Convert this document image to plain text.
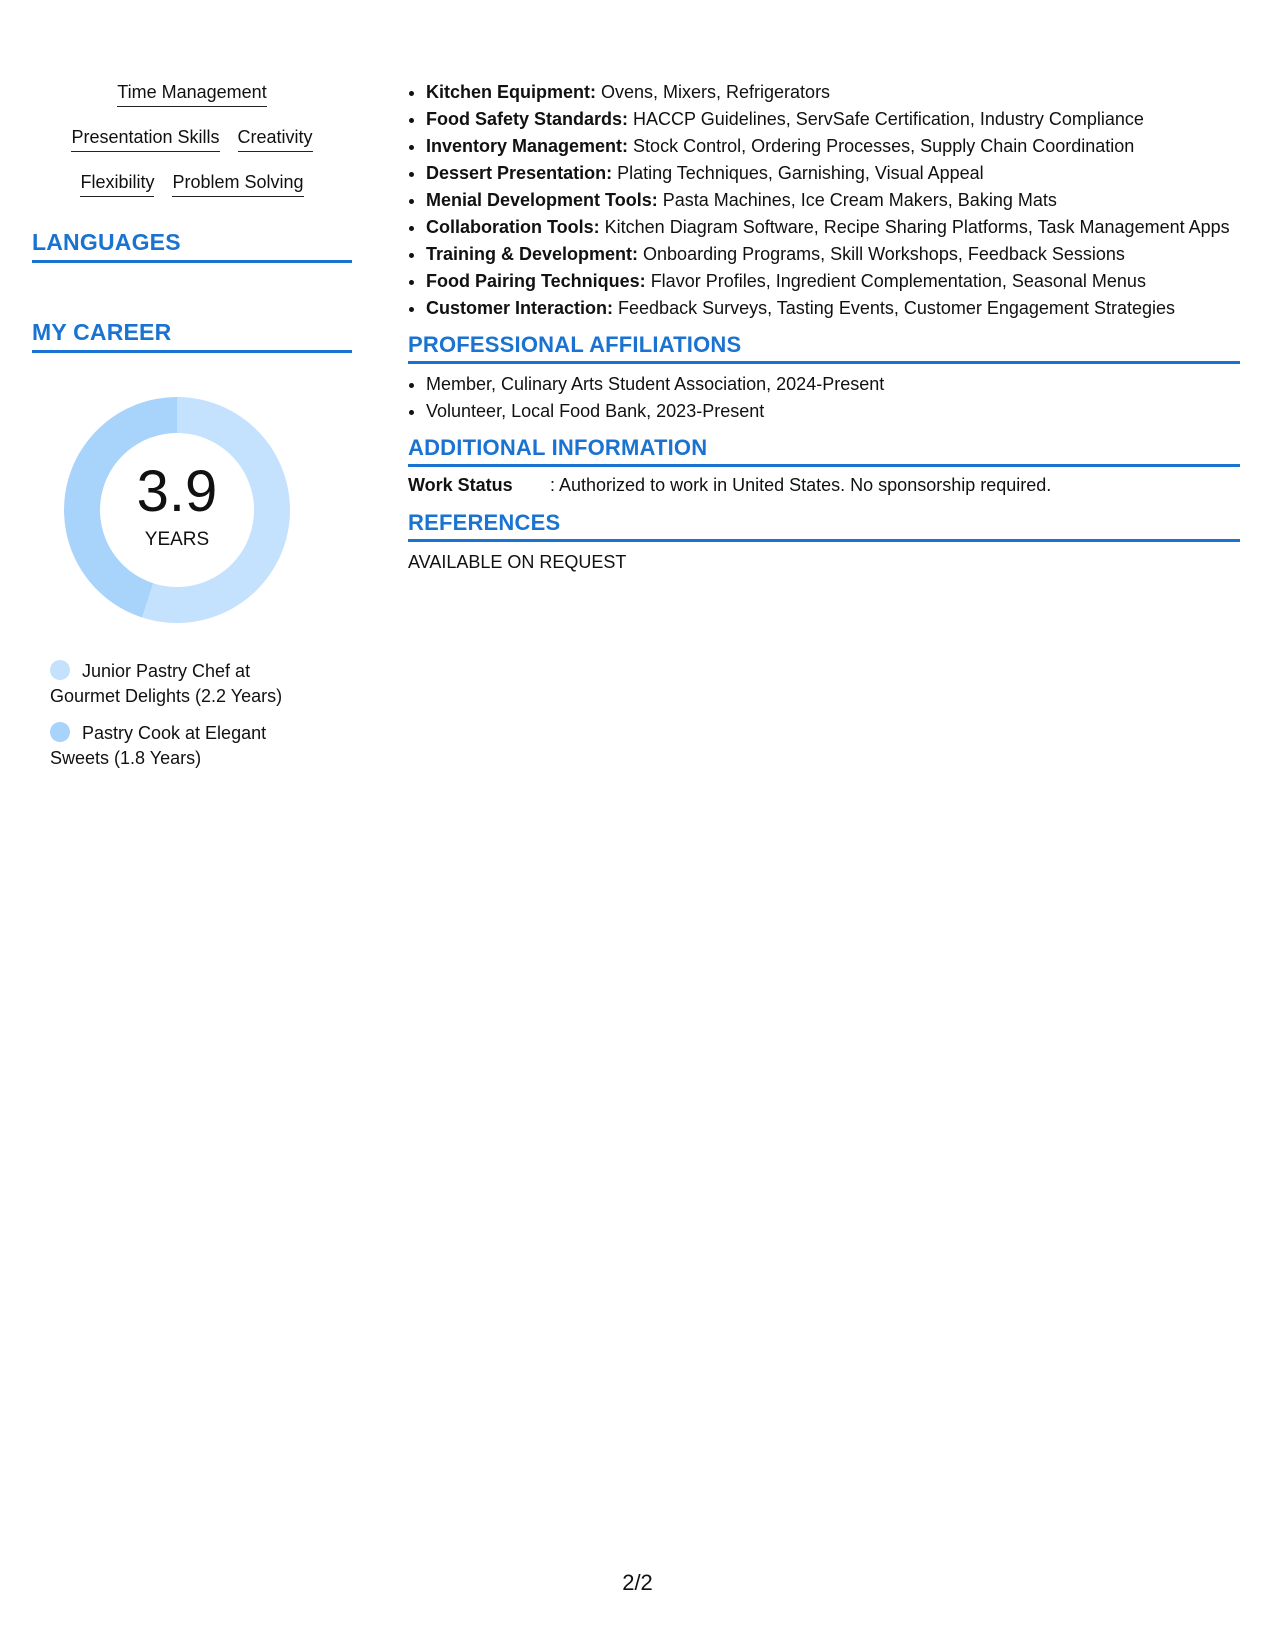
Time Management
Presentation Skills Creativity
Flexibility Problem Solving
LANGUAGES
MY CAREER
3.9
YEARS
Junior Pastry Chef at Gourmet Delights (2.2 Years)
Pastry Cook at Elegant Sweets (1.8 Years)
• Kitchen Equipment: Ovens, Mixers, Refrigerators
• Food Safety Standards: HACCP Guidelines, ServSafe Certification, Industry Compliance
• Inventory Management: Stock Control, Ordering Processes, Supply Chain Coordination
• Dessert Presentation: Plating Techniques, Garnishing, Visual Appeal
• Menial Development Tools: Pasta Machines, Ice Cream Makers, Baking Mats
• Collaboration Tools: Kitchen Diagram Software, Recipe Sharing Platforms, Task Management Apps
• Training & Development: Onboarding Programs, Skill Workshops, Feedback Sessions
• Food Pairing Techniques: Flavor Profiles, Ingredient Complementation, Seasonal Menus
• Customer Interaction: Feedback Surveys, Tasting Events, Customer Engagement Strategies
PROFESSIONAL AFFILIATIONS
• Member, Culinary Arts Student Association, 2024-Present
• Volunteer, Local Food Bank, 2023-Present
ADDITIONAL INFORMATION
Work Status	: Authorized to work in United States. No sponsorship required.
REFERENCES
AVAILABLE ON REQUEST
2/2
